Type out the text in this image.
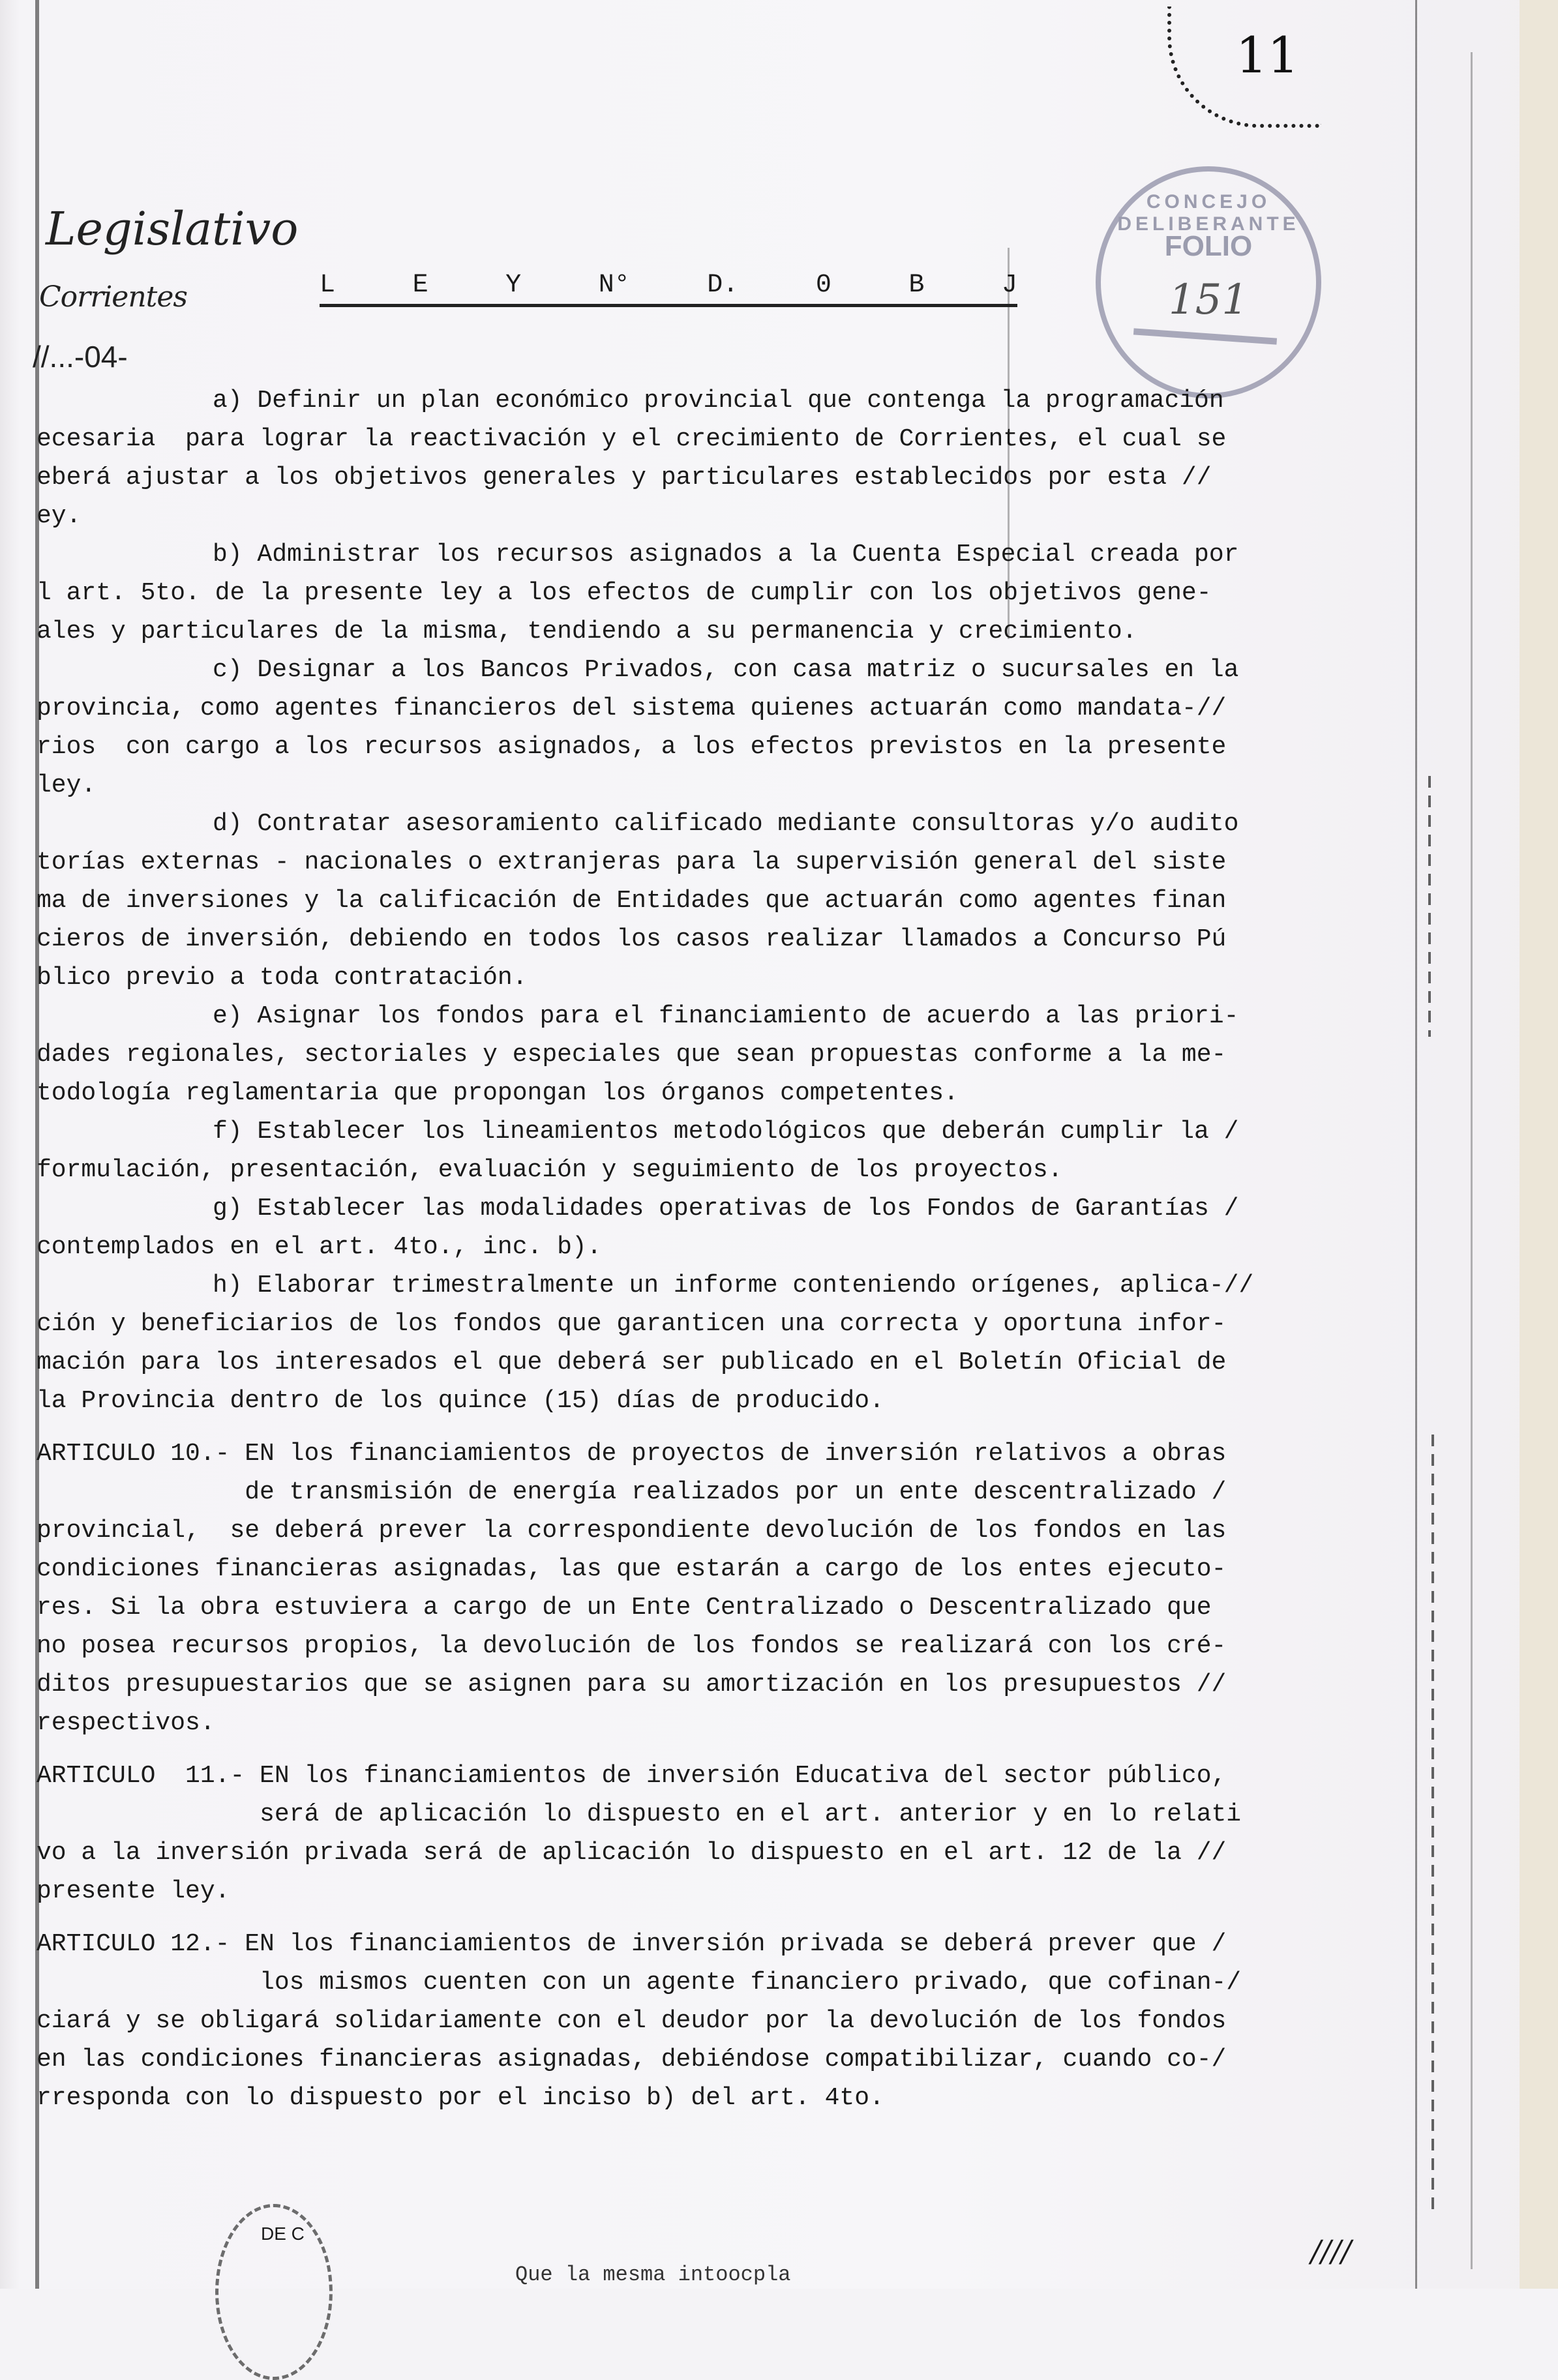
11
Legislativo
Corrientes
//...-04-
L	E	Y	N°	D.	0	B	J
CONCEJO DELIBERANTE
FOLIO
151
a) Definir un plan económico provincial que contenga la programación
ecesaria  para lograr la reactivación y el crecimiento de Corrientes, el cual se
eberá ajustar a los objetivos generales y particulares establecidos por esta //
ey.
b) Administrar los recursos asignados a la Cuenta Especial creada por
l art. 5to. de la presente ley a los efectos de cumplir con los objetivos gene-
ales y particulares de la misma, tendiendo a su permanencia y crecimiento.
c) Designar a los Bancos Privados, con casa matriz o sucursales en la
provincia, como agentes financieros del sistema quienes actuarán como mandata-//
rios  con cargo a los recursos asignados, a los efectos previstos en la presente
ley.
d) Contratar asesoramiento calificado mediante consultoras y/o audito
torías externas - nacionales o extranjeras para la supervisión general del siste
ma de inversiones y la calificación de Entidades que actuarán como agentes finan
cieros de inversión, debiendo en todos los casos realizar llamados a Concurso Pú
blico previo a toda contratación.
e) Asignar los fondos para el financiamiento de acuerdo a las priori-
dades regionales, sectoriales y especiales que sean propuestas conforme a la me-
todología reglamentaria que propongan los órganos competentes.
f) Establecer los lineamientos metodológicos que deberán cumplir la /
formulación, presentación, evaluación y seguimiento de los proyectos.
g) Establecer las modalidades operativas de los Fondos de Garantías /
contemplados en el art. 4to., inc. b).
h) Elaborar trimestralmente un informe conteniendo orígenes, aplica-//
ción y beneficiarios de los fondos que garanticen una correcta y oportuna infor-
mación para los interesados el que deberá ser publicado en el Boletín Oficial de
la Provincia dentro de los quince (15) días de producido.
ARTICULO 10.- EN los financiamientos de proyectos de inversión relativos a obras
de transmisión de energía realizados por un ente descentralizado /
provincial,  se deberá prever la correspondiente devolución de los fondos en las
condiciones financieras asignadas, las que estarán a cargo de los entes ejecuto-
res. Si la obra estuviera a cargo de un Ente Centralizado o Descentralizado que
no posea recursos propios, la devolución de los fondos se realizará con los cré-
ditos presupuestarios que se asignen para su amortización en los presupuestos //
respectivos.
ARTICULO  11.- EN los financiamientos de inversión Educativa del sector público,
será de aplicación lo dispuesto en el art. anterior y en lo relati
vo a la inversión privada será de aplicación lo dispuesto en el art. 12 de la //
presente ley.
ARTICULO 12.- EN los financiamientos de inversión privada se deberá prever que /
los mismos cuenten con un agente financiero privado, que cofinan-/
ciará y se obligará solidariamente con el deudor por la devolución de los fondos
en las condiciones financieras asignadas, debiéndose compatibilizar, cuando co-/
rresponda con lo dispuesto por el inciso b) del art. 4to.
DE C
Que la mesma intoocpla
////
